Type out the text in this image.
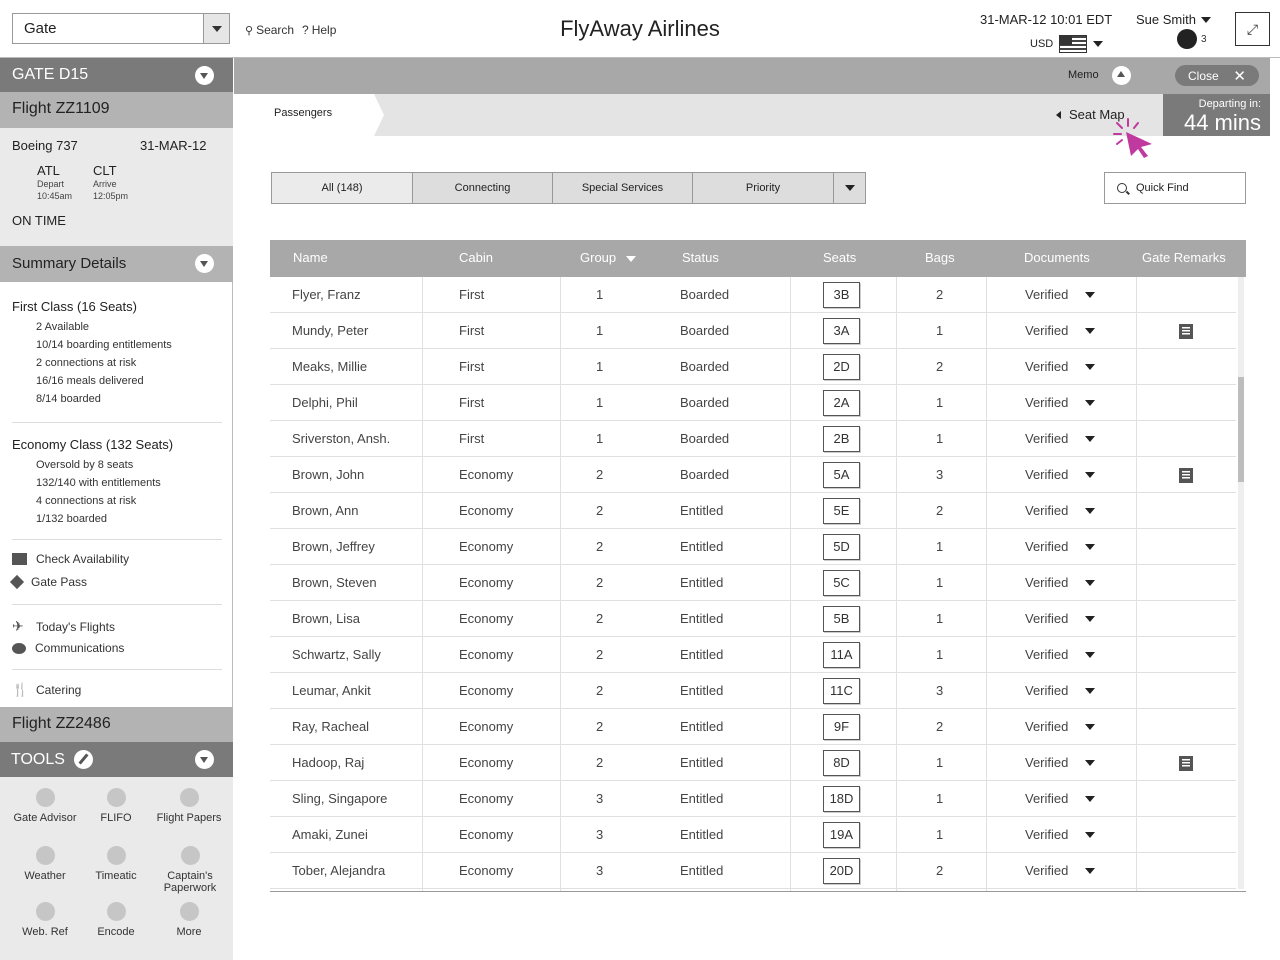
Gate	⚲ Search ? Help	FlyAway Airlines	31-MAR-12 10:01 EDT
USD
Sue Smith
3
⤢
GATE D15
Flight ZZ1109
Boeing 737	31-MAR-12
ATL
Depart
10:45am
CLT
Arrive
12:05pm
ON TIME
Summary Details
First Class (16 Seats)
2 Available
10/14 boarding entitlements
2 connections at risk
16/16 meals delivered
8/14 boarded
Economy Class (132 Seats)
Oversold by 8 seats
132/140 with entitlements
4 connections at risk
1/132 boarded
Check Availability
Gate Pass
✈ Today's Flights
Communications
🍴 Catering
Flight ZZ2486
TOOLS
Gate Advisor	FLIFO	Flight Papers
Weather	Timeatic	Captain's Paperwork
Web. Ref	Encode	More
Memo	Close ✕
Passengers	Seat Map
Departing in:
44 mins
All (148)	Connecting	Special Services	Priority	Quick Find
Name	Cabin	Group	Status	Seats	Bags	Documents	Gate Remarks
Flyer, Franz	First	1	Boarded	3B	2	Verified
Mundy, Peter	First	1	Boarded	3A	1	Verified
Meaks, Millie	First	1	Boarded	2D	2	Verified
Delphi, Phil	First	1	Boarded	2A	1	Verified
Sriverston, Ansh.	First	1	Boarded	2B	1	Verified
Brown, John	Economy	2	Boarded	5A	3	Verified
Brown, Ann	Economy	2	Entitled	5E	2	Verified
Brown, Jeffrey	Economy	2	Entitled	5D	1	Verified
Brown, Steven	Economy	2	Entitled	5C	1	Verified
Brown, Lisa	Economy	2	Entitled	5B	1	Verified
Schwartz, Sally	Economy	2	Entitled	11A	1	Verified
Leumar, Ankit	Economy	2	Entitled	11C	3	Verified
Ray, Racheal	Economy	2	Entitled	9F	2	Verified
Hadoop, Raj	Economy	2	Entitled	8D	1	Verified
Sling, Singapore	Economy	3	Entitled	18D	1	Verified
Amaki, Zunei	Economy	3	Entitled	19A	1	Verified
Tober, Alejandra	Economy	3	Entitled	20D	2	Verified
